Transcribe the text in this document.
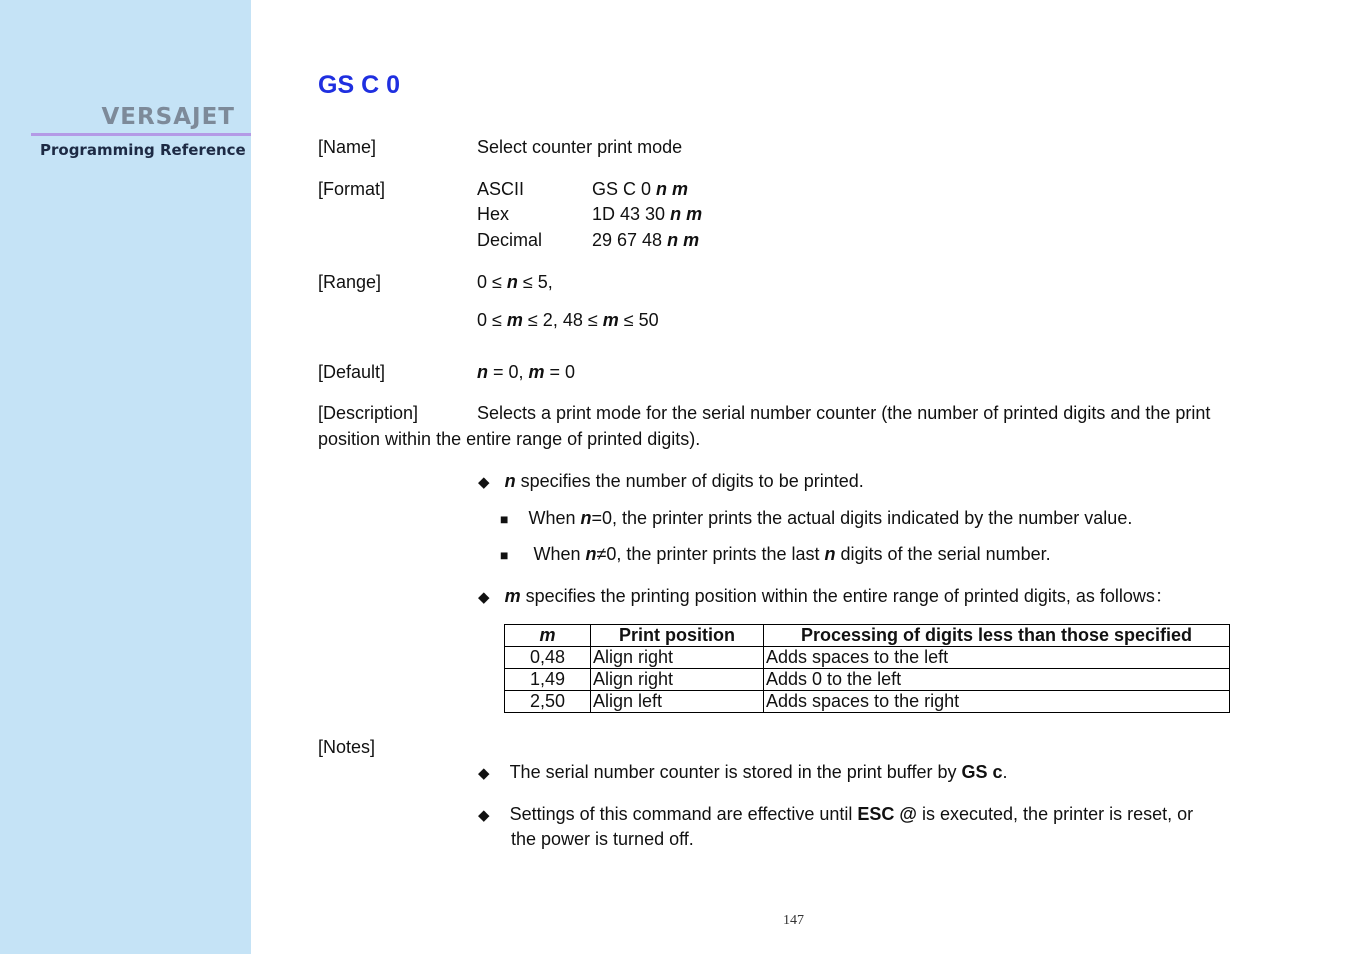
VERSAJET
Programming Reference
GS C 0
[Name]	Select counter print mode
[Format]	ASCII	GS C 0 n m
Hex	1D 43 30 n m
Decimal	29 67 48 n m
[Range]	0 ≤ n ≤ 5,
0 ≤ m ≤ 2, 48 ≤ m ≤ 50
[Default]	n = 0, m = 0
[Description]	Selects a print mode for the serial number counter (the number of printed digits and the print
position within the entire range of printed digits).
◆ n specifies the number of digits to be printed.
■ When n=0, the printer prints the actual digits indicated by the number value.
■ When n≠0, the printer prints the last n digits of the serial number.
◆ m specifies the printing position within the entire range of printed digits, as follows：
m	Print position	Processing of digits less than those specified
0,48	Align right	Adds spaces to the left
1,49	Align right	Adds 0 to the left
2,50	Align left	Adds spaces to the right
[Notes]
◆ The serial number counter is stored in the print buffer by GS c.
◆ Settings of this command are effective until ESC @ is executed, the printer is reset, or
the power is turned off.
147
